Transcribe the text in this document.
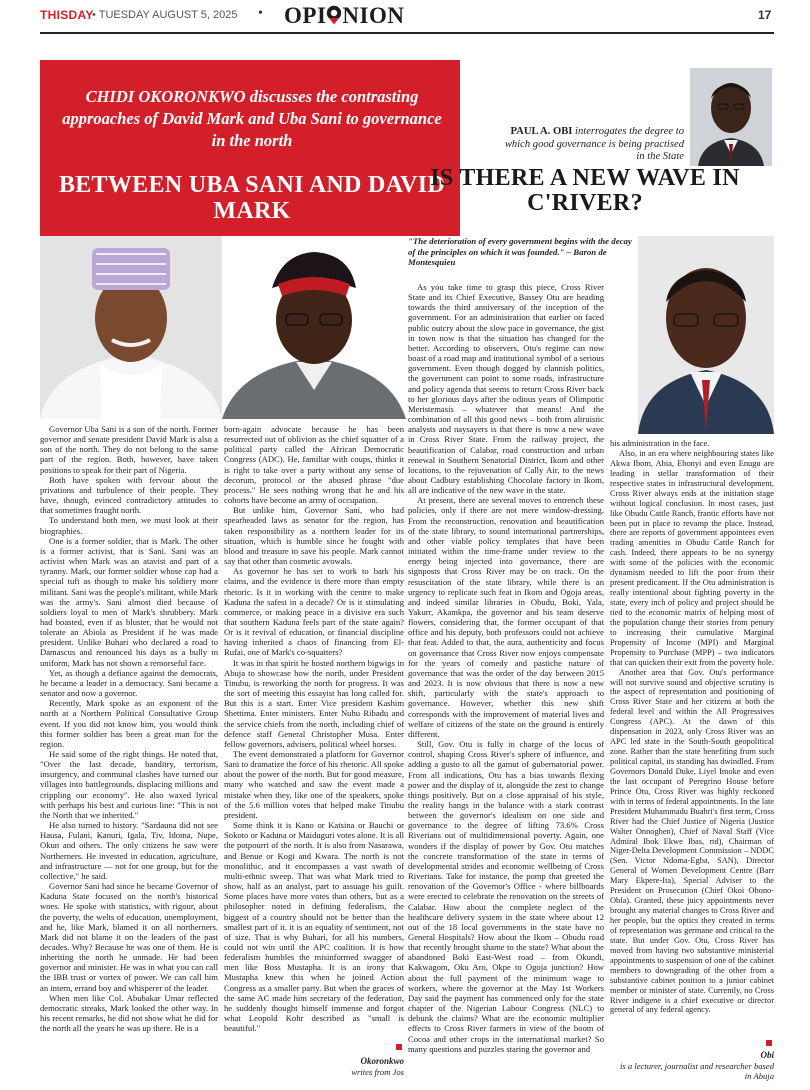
THISDAY
• TUESDAY AUGUST 5, 2025 • OPI NION	17
CHIDI OKORONKWO discusses the contrasting approaches of David Mark and Uba Sani to governance in the north
BETWEEN UBA SANI AND DAVID MARK
PAUL A. OBI interrogates the degree to which good governance is being practised in the State
IS THERE A NEW WAVE IN C'RIVER?
"The deterioration of every government begins with the decay of the principles on which it was founded." – Baron de Montesquieu

Governor Uba Sani is a son of the north. Former governor and senate president David Mark is also a son of the north. They do not belong to the same part of the region. Both, however, have taken positions to speak for their part of Nigeria.

Both have spoken with fervour about the privations and turbulence of their people. They have, though, evinced contradictory attitudes to that sometimes fraught north.

To understand both men, we must look at their biographies.

One is a former soldier, that is Mark. The other is a former activist, that is Sani. Sani was an activist when Mark was an atavist and part of a tyranny. Mark, our former soldier whose cap had a special tuft as though to make his soldiery more militant. Sani was the people's militant, while Mark was the army's. Sani almost died because of soldiers loyal to men of Mark's shrubbery. Mark had boasted, even if as bluster, that he would not tolerate an Abiola as President if he was made president. Unlike Buhari who declared a road to Damascus and renounced his days as a bully in uniform, Mark has not shown a remorseful face.

Yet, as though a defiance against the democrats, he became a leader in a democracy. Sani became a senator and now a governor.

Recently, Mark spoke as an exponent of the north at a Northern Political Consultative Group event. If you did not know him, you would think this former soldier has been a great man for the region.

He said some of the right things. He noted that, "Over the last decade, banditry, terrorism, insurgency, and communal clashes have turned our villages into battlegrounds, displacing millions and crippling our economy". He also waxed lyrical with perhaps his best and curious line: "This is not the North that we inherited."

He also turned to history. "Sardauna did not see Hausa, Fulani, Kanuri, Igala, Tiv, Idoma, Nupe, Okun and others. The only citizens he saw were Northerners. He invested in education, agriculture, and infrastructure — not for one group, but for the collective," he said.

Governor Sani had since he became Governor of Kaduna State focused on the north's historical woes. He spoke with statistics, with rigour, about the poverty, the welts of education, unemployment, and he, like Mark, blamed it on all northerners. Mark did not blame it on the leaders of the past decades. Why? Because he was one of them. He is inheriting the north he unmade. He had been governor and minister. He was in what you can call the IBB trust or vortex of power. We can call him an intern, errand boy and whisperer of the leader.

When men like Col. Abubakar Umar reflected democratic streaks, Mark looked the other way. In his recent remarks, he did not show what he did for the north all the years he was up there. He is a

born-again advocate because he has been resurrected out of oblivion as the chief squatter of a political party called the African Democratic Congress (ADC). He, familiar with coups, thinks it is right to take over a party without any sense of decorum, protocol or the abused phrase "due process." He sees nothing wrong that he and his cohorts have become an army of occupation.

But unlike him, Governor Sani, who had spearheaded laws as senator for the region, has taken responsibility as a northern leader for its situation, which is humble since he fought with blood and treasure to save his people. Mark cannot say that other than cosmetic avowals.

As governor he has set to work to bark his claims, and the evidence is there more than empty rhetoric. Is it in working with the centre to make Kaduna the safest in a decade? Or is it stimulating commerce, or making peace in a divisive era such that southern Kaduna feels part of the state again? Or is it revival of education, or financial discipline having inherited a chaos of financing from El-Rufai, one of Mark's co-squatters?

It was in that spirit he hosted northern bigwigs in Abuja to showcase how the north, under President Tinubu, is reworking the north for progress. It was the sort of meeting this essayist has long called for. But this is a start. Enter Vice president Kashim Shettima. Enter ministers. Enter Nuhu Ribadu and the service chiefs from the north, including chief of defence staff General Christopher Musa. Enter fellow governors, advisers, political wheel horses.

The event demonstrated a platform for Governor Sani to dramatize the force of his rhetoric. All spoke about the power of the north. But for good measure, many who watched and saw the event made a mistake when they, like one of the speakers, spoke of the 5.6 million votes that helped make Tinubu president.

Some think it is Kano or Katsina or Bauchi or Sokoto or Kaduna or Maiduguri votes alone. It is all the potpourri of the north. It is also from Nasarawa, and Benue or Kogi and Kwara. The north is not monolithic, and it encompasses a vast swath of multi-ethnic sweep. That was what Mark tried to show, half as an analyst, part to assuage his guilt. Some places have more votes than others, but as a philosopher noted in defining federalism, the biggest of a country should not be better than the smallest part of it. it is an equality of sentiment, not of size. That is why Buhari, for all his numbers, could not win until the APC coalition. It is how federalism humbles the misinformed swagger of men like Boss Mustapha. It is an irony that Mustapha knew this when he joined Action Congress as a smaller party. But when the graces of the same AC made him secretary of the federation, he suddenly thought himself immense and forgot what Leopold Kohr described as "small is beautiful."

Okoronkwo
writes from Jos

As you take time to grasp this piece, Cross River State and its Chief Executive, Bassey Otu are heading towards the third anniversary of the inception of the government. For an administration that earlier on faced public outcry about the slow pace in governance, the gist in town now is that the situation has changed for the better. According to observers, Otu's regime can now boast of a road map and institutional symbol of a serious government. Even though dogged by clannish politics, the government can point to some roads, infrastructure and policy agenda that seems to return Cross River back to her glorious days after the odious years of Olimpotic Meristemasis – whatever that means! And the combination of all this good news – both from altruistic analysts and naysayers is that there is now a new wave in Cross River State. From the railway project, the beautification of Calabar, road construction and urban renewal in Southern Senatorial District, Ikom and other locations, to the rejuvenation of Cally Air, to the news about Cadbury establishing Chocolate factory in Ikom, all are indicative of the new wave in the state.

At present, there are several moves to entrench these policies, only if there are not mere window-dressing. From the reconstruction, renovation and beautification of the state library, to sound international partnerships, and other viable policy templates that have been initiated within the time-frame under review to the energy being injected into governance, there are signposts that Cross River may be on track. On the resuscitation of the state library, while there is an urgency to replicate such feat in Ikom and Ogoja areas, and indeed similar libraries in Obudu, Boki, Yala, Yakurr, Akamkpa, the governor and his team deserve flowers, considering that, the former occupant of that office and his deputy, both professors could not achieve that feat. Added to that, the aura, authenticity and focus on governance that Cross River now enjoys compensate for the years of comedy and pastiche nature of governance that was the order of the day between 2015 and 2023. It is now obvious that there is now a new shift, particularly with the state's approach to governance. However, whether this new shift corresponds with the improvement of material lives and welfare of citizens of the state on the ground is entirely different.

Still, Gov. Otu is fully in charge of the locus of control, shaping Cross River's sphere of influence, and adding a gusto to all the gamut of gubernatorial power. From all indications, Otu has a bias towards flexing power and the display of it, alongside the zest to change things positively. But on a close appraisal of his style, the reality hangs in the balance with a stark contrast between the governor's idealism on one side and governance to the degree of lifting 73.6% Cross Riverians out of multidimensional poverty. Again, one wonders if the display of power by Gov. Otu matches the concrete transformation of the state in terms of developmental strides and economic wellbeing of Cross Riverians. Take for instance, the pomp that greeted the renovation of the Governor's Office - where billboards were erected to celebrate the renovation on the streets of Calabar. How about the complete neglect of the healthcare delivery system in the state where about 12 out of the 18 local governments in the state have no General Hospitals? How about the Ikom – Obudu road that recently brought shame to the state? What about the abandoned Boki East-West road – from Okundi, Kakwagom, Oku Aro, Okpe to Ogoja junction? How about the full payment of the minimum wage to workers, where the governor at the May 1st Workers Day said the payment has commenced only for the state chapter of the Nigerian Labour Congress (NLC) to debunk the claims? What are the economic multiplier effects to Cross River farmers in view of the boom of Cocoa and other crops in the international market? So many questions and puzzles staring the governor and

his administration in the face.

Also, in an era where neighbouring states like Akwa Ibom, Abia, Ebonyi and even Enugu are leading in stellar transformation of their respective states in infrastructural development, Cross River always ends at the initiation stage without logical conclusion. In most cases, just like Obudu Cattle Ranch, frantic efforts have not been put in place to revamp the place. Instead, there are reports of government appointees even trading amenities in Obudu Cattle Ranch for cash. Indeed, there appears to be no synergy with some of the policies with the economic dynamism needed to lift the poor from their present predicament. If the Otu administration is really intentional about fighting poverty in the state, every inch of policy and project should be tied to the economic matrix of helping most of the population change their stories from penury to increasing their cumulative Marginal Propensity of Income (MPI) and Marginal Propensity to Purchase (MPP) – two indicators that can quicken their exit from the poverty hole.

Another area that Gov. Otu's performance will not survive sound and objective scrutiny is the aspect of representation and positioning of Cross River State and her citizens at both the federal level and within the All Progressives Congress (APC). At the dawn of this dispensation in 2023, only Cross River was an APC led state in the South-South geopolitical zone. Rather than the state benefiting from such political capital, its standing has dwindled. From Governors Donald Duke, Liyel Imoke and even the last occupant of Peregrino House before Prince Otu, Cross River was highly reckoned with in terms of federal appointments. In the late President Muhammadu Buahri's first term, Cross River had the Chief Justice of Nigeria (Justice Walter Onnoghen), Chief of Naval Staff (Vice Admiral Ibok Ekwe Ibas, rtd), Chairman of Niger-Delta Development Commission – NDDC (Sen. Victor Ndoma-Egba, SAN), Director General of Women Development Centre (Barr Mary Ekpere-Ita), Special Adviser to the President on Prosecution (Chief Okoi Obono-Obla). Granted, these juicy appointments never brought any material changes to Cross River and her people, but the optics they created in terms of representation was germane and critical to the state. But under Gov. Otu, Cross River has moved from having two substantive ministerial appointments to suspension of one of the cabinet members to downgrading of the other from a substantive cabinet position to a junior cabinet member or minister of state. Currently, no Cross River indigene is a chief executive or director general of any federal agency.

Obi
is a lecturer, journalist and researcher based in Abuja
